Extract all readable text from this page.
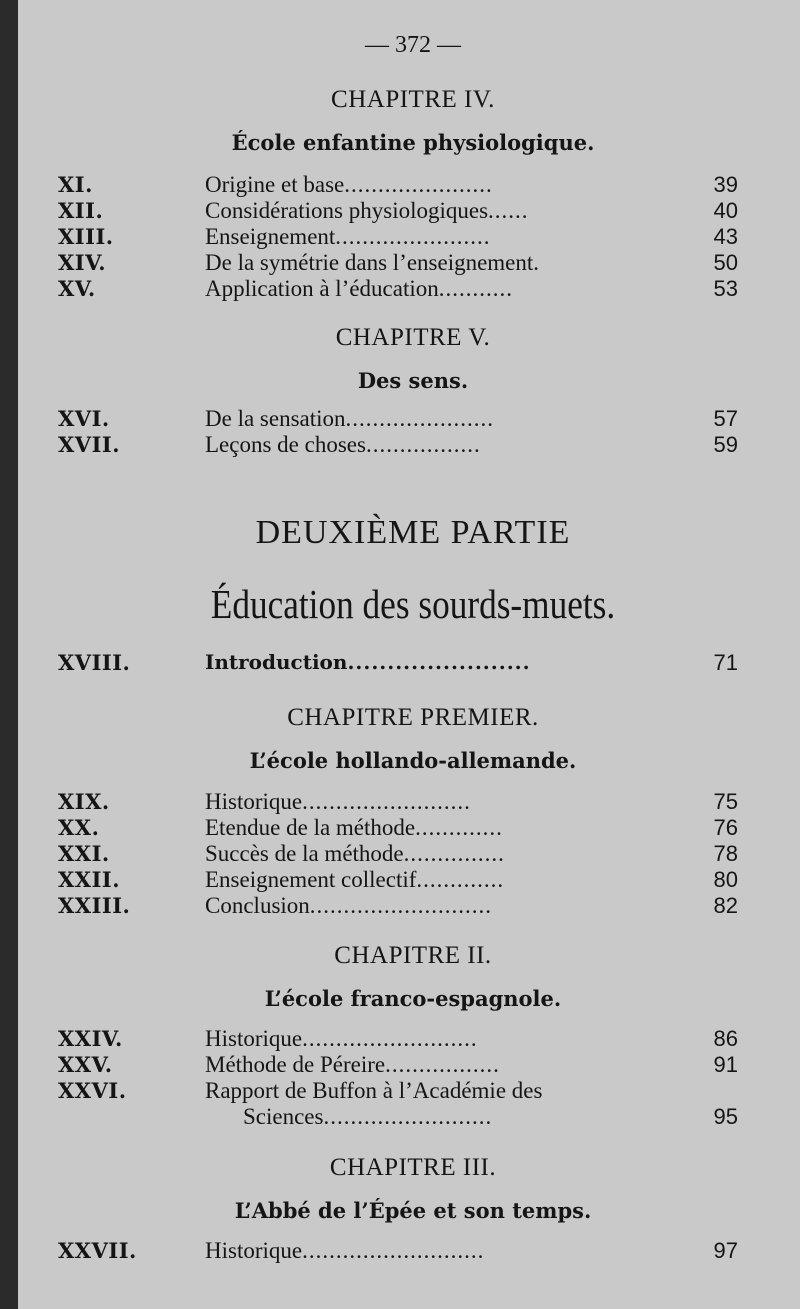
— 372 —
CHAPITRE IV.
École enfantine physiologique.
XI.	Origine et base......................	39
XII.	Considérations physiologiques......	40
XIII.	Enseignement.......................	43
XIV.	De la symétrie dans l’enseignement.	50
XV.	Application à l’éducation...........	53
CHAPITRE V.
Des sens.
XVI.	De la sensation......................	57
XVII.	Leçons de choses.................	59
DEUXIÈME PARTIE
Éducation des sourds-muets.
XVIII.	Introduction.......................	71
CHAPITRE PREMIER.
L’école hollando-allemande.
XIX.	Historique.........................	75
XX.	Etendue de la méthode.............	76
XXI.	Succès de la méthode...............	78
XXII.	Enseignement collectif.............	80
XXIII.	Conclusion...........................	82
CHAPITRE II.
L’école franco-espagnole.
XXIV.	Historique..........................	86
XXV.	Méthode de Péreire.................	91
XXVI.	Rapport de Buffon à l’Académie des
Sciences.........................	95
CHAPITRE III.
L’Abbé de l’Épée et son temps.
XXVII.	Historique...........................	97
